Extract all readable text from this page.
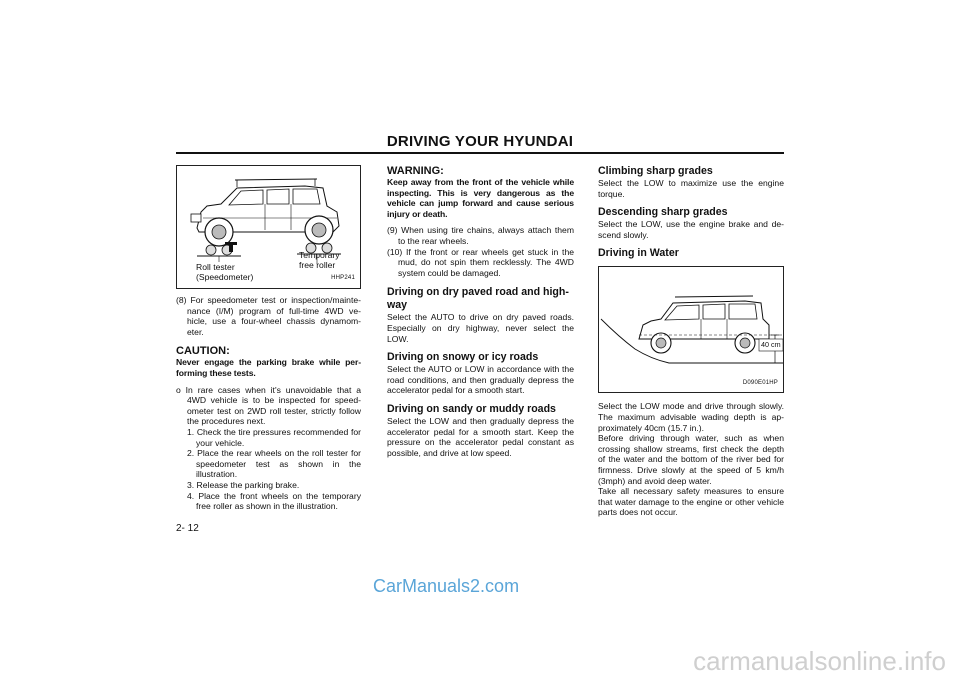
DRIVING YOUR HYUNDAI
Roll tester
(Speedometer)
Temporary
free roller
HHP241
(8) For speedometer test or inspection/mainte- nance (I/M) program of full-time 4WD ve- hicle, use a four-wheel chassis dynamom- eter.
CAUTION:
Never engage the parking brake while per- forming these tests.
o In rare cases when it's unavoidable that a 4WD vehicle is to be inspected for speed- ometer test on 2WD roll tester, strictly follow the procedures next.
1. Check the tire pressures recommended for your vehicle.
2. Place the rear wheels on the roll tester for speedometer test as shown in the illustration.
3. Release the parking brake.
4. Place the front wheels on the temporary free roller as shown in the illustration.
WARNING:
Keep away from the front of the vehicle while inspecting. This is very dangerous as the vehicle can jump forward and cause serious injury or death.
(9) When using tire chains, always attach them to the rear wheels.
(10) If the front or rear wheels get stuck in the mud, do not spin them recklessly. The 4WD system could be damaged.
Driving on dry paved road and high- way
Select the AUTO to drive on dry paved roads. Especially on dry highway, never select the LOW.
Driving on snowy or icy roads
Select the AUTO or LOW in accordance with the road conditions, and then gradually depress the accelerator pedal for a smooth start.
Driving on sandy or muddy roads
Select the LOW and then gradually depress the accelerator pedal for a smooth start. Keep the pressure on the accelerator pedal constant as possible, and drive at low speed.
Climbing sharp grades
Select the LOW to maximize use the engine torque.
Descending sharp grades
Select the LOW, use the engine brake and de- scend slowly.
Driving in Water
40 cm
D090E01HP
Select the LOW mode and drive through slowly. The maximum advisable wading depth is ap- proximately 40cm (15.7 in.).
Before driving through water, such as when crossing shallow streams, first check the depth of the water and the bottom of the river bed for firmness. Drive slowly at the speed of 5 km/h (3mph) and avoid deep water.
Take all necessary safety measures to ensure that water damage to the engine or other vehicle parts does not occur.
2- 12
CarManuals2.com
carmanualsonline.info
